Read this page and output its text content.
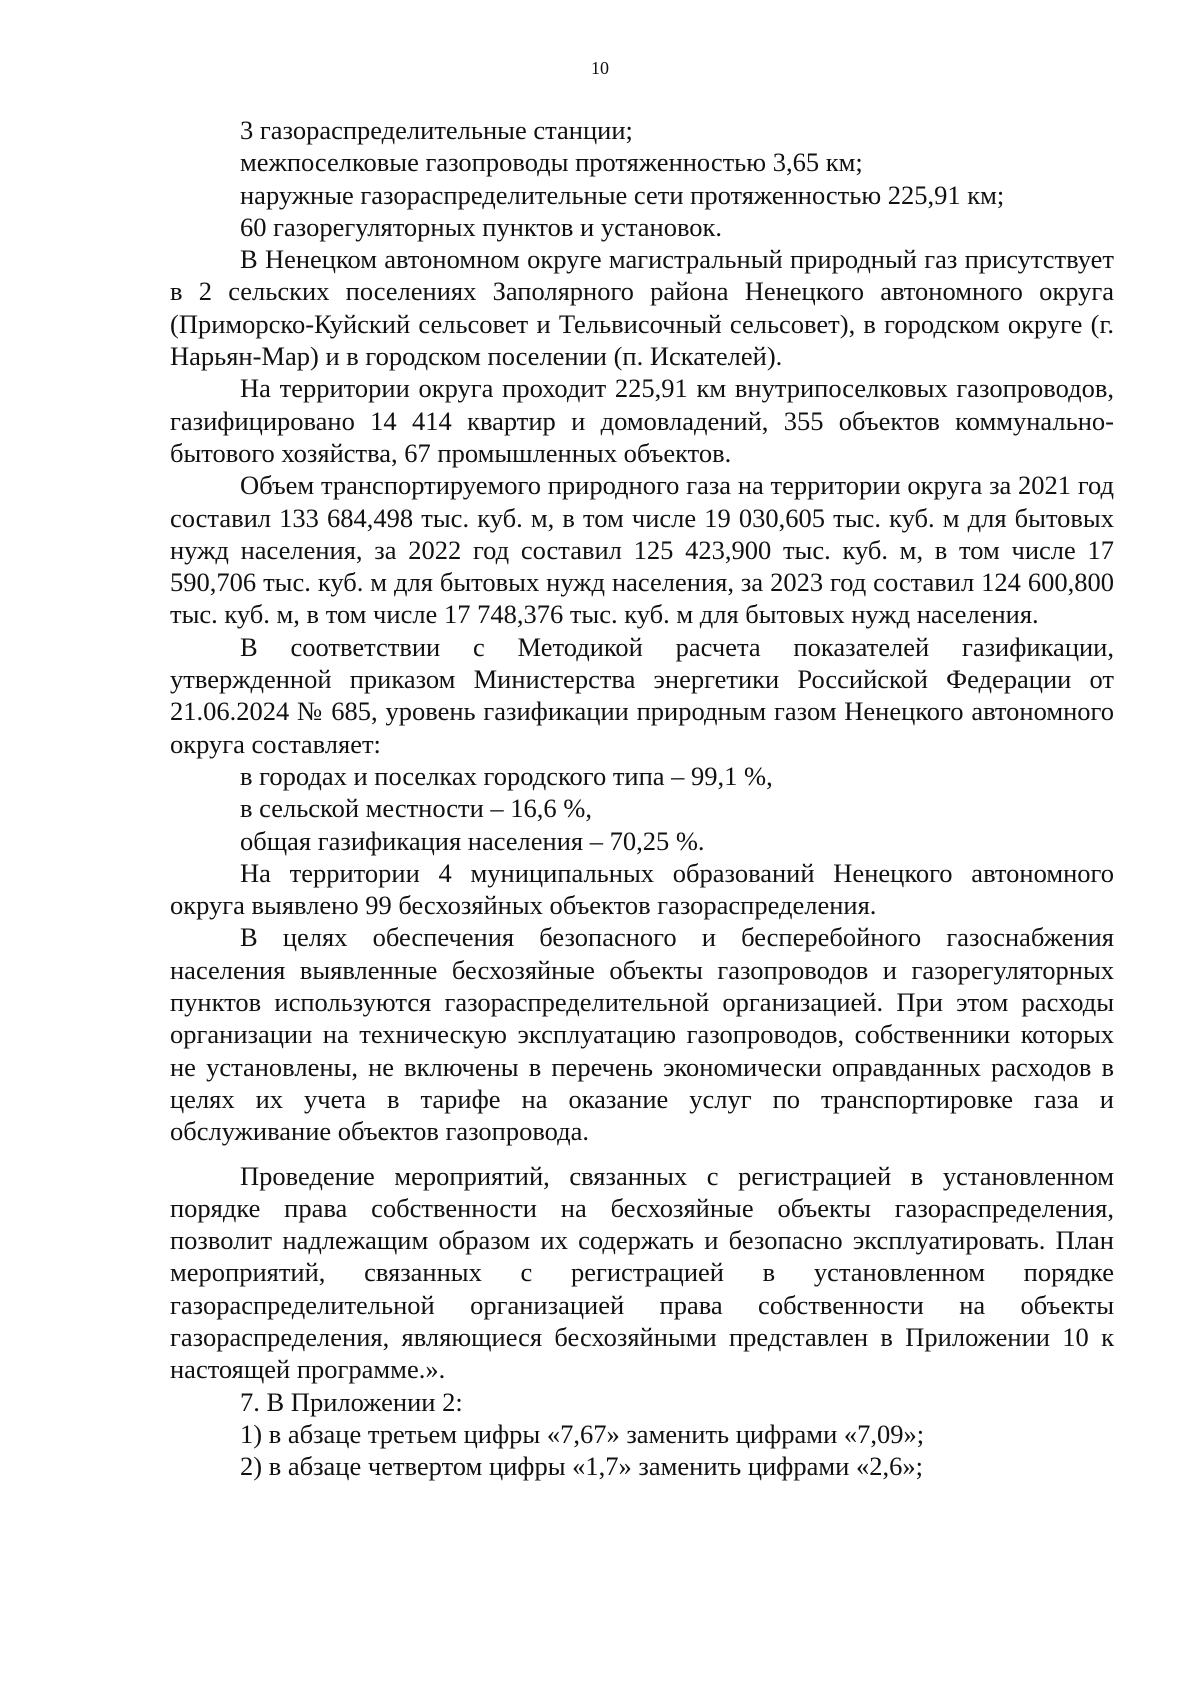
10

3 газораспределительные станции;

межпоселковые газопроводы протяженностью 3,65 км;

наружные газораспределительные сети протяженностью 225,91 км;

60 газорегуляторных пунктов и установок.

В Ненецком автономном округе магистральный природный газ присутствует в 2 сельских поселениях Заполярного района Ненецкого автономного округа (Приморско-Куйский сельсовет и Тельвисочный сельсовет), в городском округе (г. Нарьян-Мар) и в городском поселении (п. Искателей).

На территории округа проходит 225,91 км внутрипоселковых газопроводов, газифицировано 14 414 квартир и домовладений, 355 объектов коммунально-бытового хозяйства, 67 промышленных объектов.

Объем транспортируемого природного газа на территории округа за 2021 год составил 133 684,498 тыс. куб. м, в том числе 19 030,605 тыс. куб. м для бытовых нужд населения, за 2022 год составил 125 423,900 тыс. куб. м, в том числе 17 590,706 тыс. куб. м для бытовых нужд населения, за 2023 год составил 124 600,800 тыс. куб. м, в том числе 17 748,376 тыс. куб. м для бытовых нужд населения.

В соответствии с Методикой расчета показателей газификации, утвержденной приказом Министерства энергетики Российской Федерации от 21.06.2024 № 685, уровень газификации природным газом Ненецкого автономного округа составляет:

в городах и поселках городского типа – 99,1 %,

в сельской местности – 16,6 %,

общая газификация населения – 70,25 %.

На территории 4 муниципальных образований Ненецкого автономного округа выявлено 99 бесхозяйных объектов газораспределения.

В целях обеспечения безопасного и бесперебойного газоснабжения населения выявленные бесхозяйные объекты газопроводов и газорегуляторных пунктов используются газораспределительной организацией. При этом расходы организации на техническую эксплуатацию газопроводов, собственники которых не установлены, не включены в перечень экономически оправданных расходов в целях их учета в тарифе на оказание услуг по транспортировке газа и обслуживание объектов газопровода.

Проведение мероприятий, связанных с регистрацией в установленном порядке права собственности на бесхозяйные объекты газораспределения, позволит надлежащим образом их содержать и безопасно эксплуатировать. План мероприятий, связанных с регистрацией в установленном порядке газораспределительной организацией права собственности на объекты газораспределения, являющиеся бесхозяйными представлен в Приложении 10 к настоящей программе.».

7. В Приложении 2:

1) в абзаце третьем цифры «7,67» заменить цифрами «7,09»;

2) в абзаце четвертом цифры «1,7» заменить цифрами «2,6»;
